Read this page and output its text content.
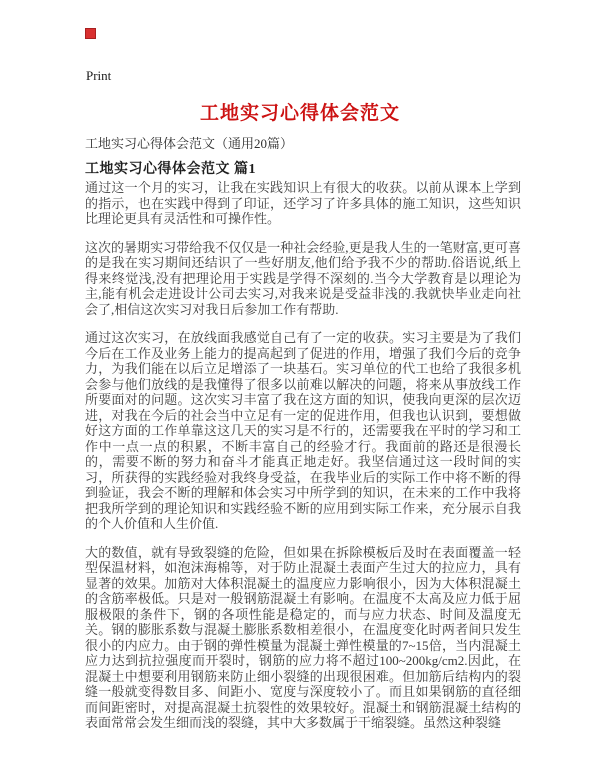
Print
工地实习心得体会范文
工地实习心得体会范文（通用20篇）
工地实习心得体会范文 篇1

通过这一个月的实习，让我在实践知识上有很大的收获。以前从课本上学到的指示，也在实践中得到了印证，还学习了许多具体的施工知识，这些知识比理论更具有灵活性和可操作性。

这次的暑期实习带给我不仅仅是一种社会经验,更是我人生的一笔财富,更可喜的是我在实习期间还结识了一些好朋友,他们给予我不少的帮助.俗语说,纸上得来终觉浅,没有把理论用于实践是学得不深刻的.当今大学教育是以理论为主,能有机会走进设计公司去实习,对我来说是受益非浅的.我就快毕业走向社会了,相信这次实习对我日后参加工作有帮助.

通过这次实习，在放线面我感觉自己有了一定的收获。实习主要是为了我们今后在工作及业务上能力的提高起到了促进的作用，增强了我们今后的竞争力，为我们能在以后立足增添了一块基石。实习单位的代工也给了我很多机会参与他们放线的是我懂得了很多以前难以解决的问题，将来从事放线工作所要面对的问题。这次实习丰富了我在这方面的知识，使我向更深的层次迈进，对我在今后的社会当中立足有一定的促进作用，但我也认识到，要想做好这方面的工作单靠这这几天的实习是不行的，还需要我在平时的学习和工作中一点一点的积累，不断丰富自己的经验才行。我面前的路还是很漫长的，需要不断的努力和奋斗才能真正地走好。我坚信通过这一段时间的实习，所获得的实践经验对我终身受益，在我毕业后的实际工作中将不断的得到验证，我会不断的理解和体会实习中所学到的知识，在未来的工作中我将把我所学到的理论知识和实践经验不断的应用到实际工作来，充分展示自我的个人价值和人生价值.

大的数值，就有导致裂缝的危险，但如果在拆除模板后及时在表面覆盖一轻型保温材料，如泡沫海棉等，对于防止混凝土表面产生过大的拉应力，具有显著的效果。加筋对大体积混凝土的温度应力影响很小，因为大体积混凝土的含筋率极低。只是对一般钢筋混凝土有影响。在温度不太高及应力低于屈服极限的条件下，钢的各项性能是稳定的，而与应力状态、时间及温度无关。钢的膨胀系数与混凝土膨胀系数相差很小，在温度变化时两者间只发生很小的内应力。由于钢的弹性模量为混凝土弹性模量的7~15倍，当内混凝土应力达到抗拉强度而开裂时，钢筋的应力将不超过100~200kg/cm2.因此，在混凝土中想要利用钢筋来防止细小裂缝的出现很困难。但加筋后结构内的裂缝一般就变得数目多、间距小、宽度与深度较小了。而且如果钢筋的直径细而间距密时，对提高混凝土抗裂性的效果较好。混凝土和钢筋混凝土结构的表面常常会发生细而浅的裂缝，其中大多数属于干缩裂缝。虽然这种裂缝
